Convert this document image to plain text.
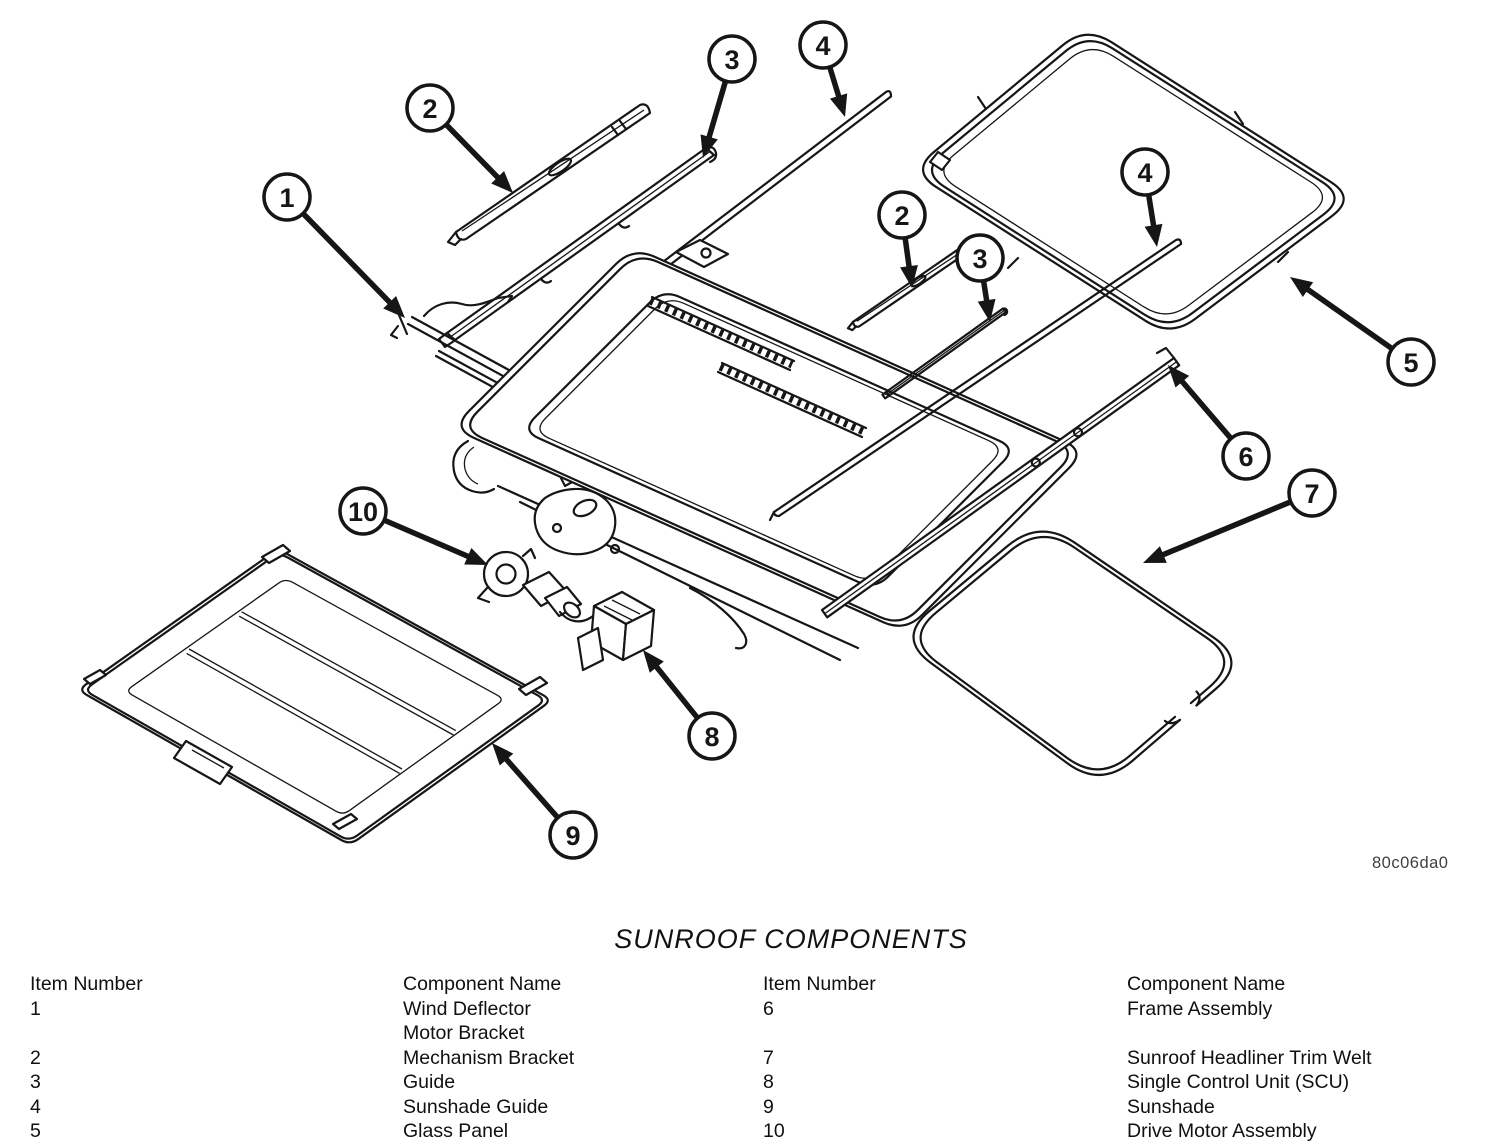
1
2
3	4
2
3
4
5
6
7
8
9
10
80c06da0
SUNROOF COMPONENTS
Item Number	Component Name	Item Number	Component Name
1	Wind Deflector	6	Frame Assembly
Motor Bracket
2	Mechanism Bracket	7	Sunroof Headliner Trim Welt
3	Guide	8	Single Control Unit (SCU)
4	Sunshade Guide	9	Sunshade
5	Glass Panel	10	Drive Motor Assembly
